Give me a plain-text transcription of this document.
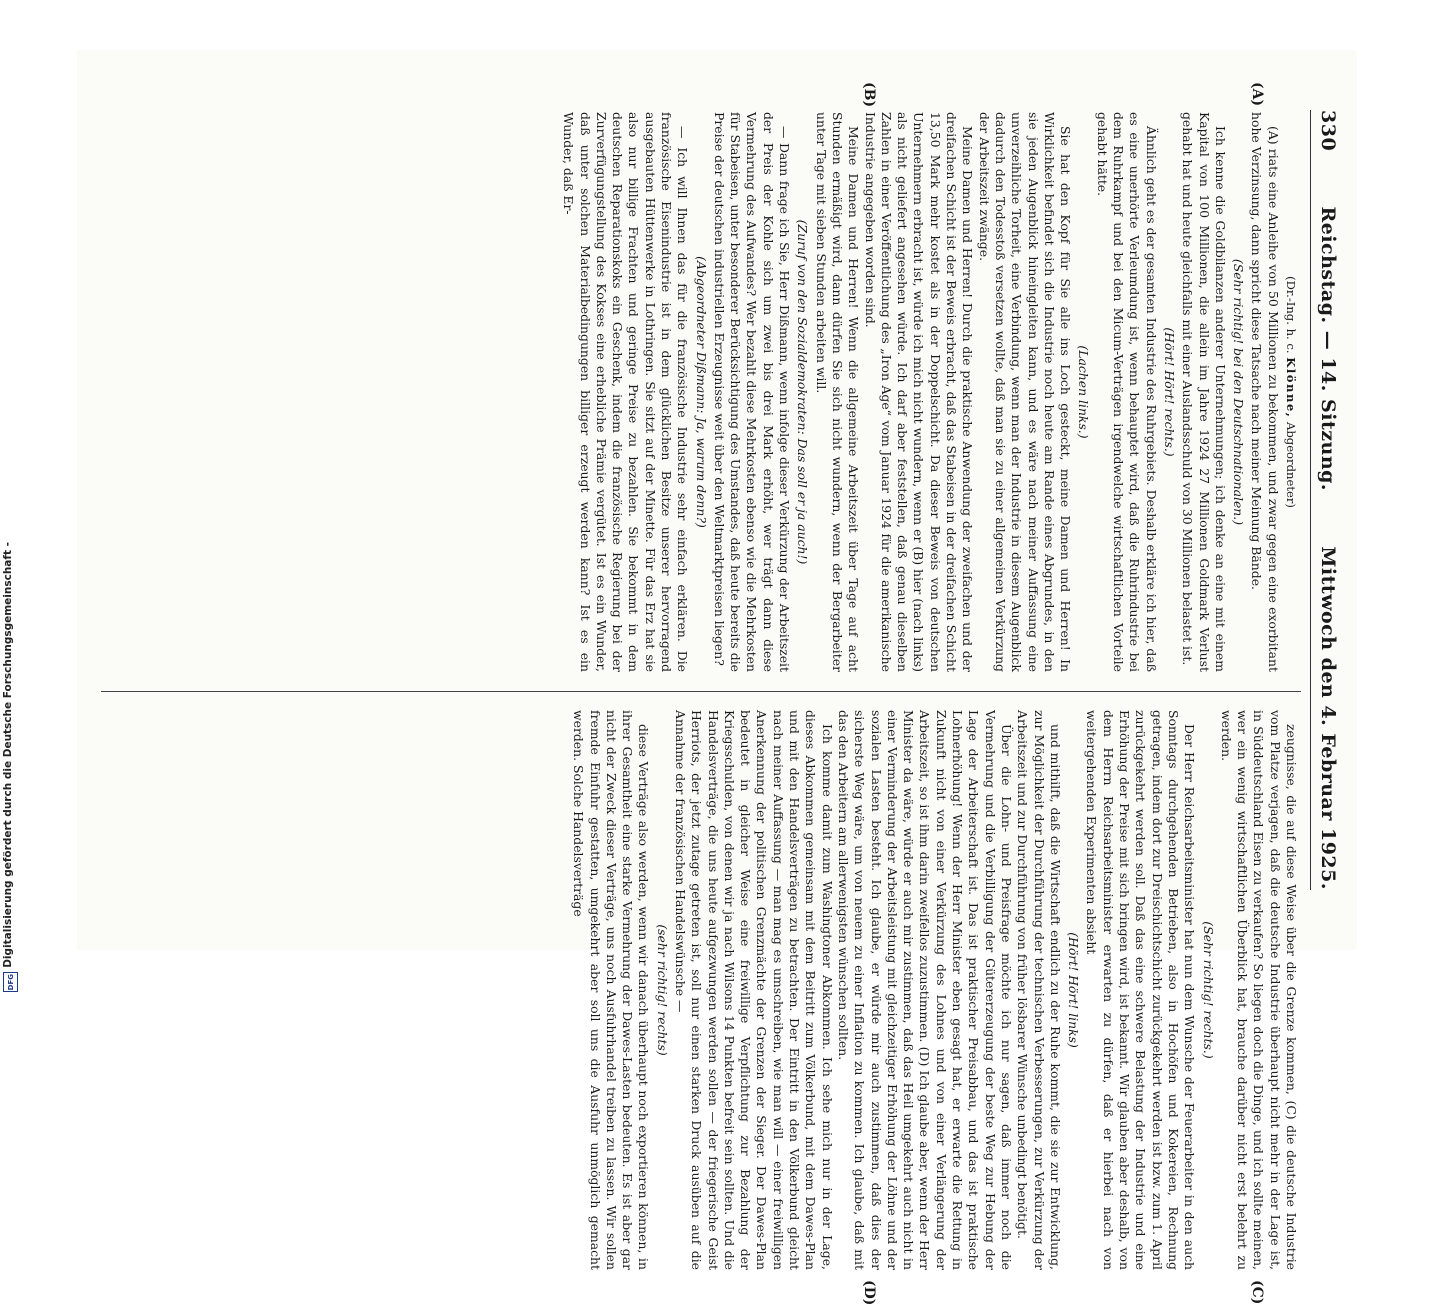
330
Reichstag. — 14. Sitzung.
Mittwoch den 4. Februar 1925.
(A)
(B)
(C)
(D)
(Dr.-Ing. h. c. Klönne, Abgeordneter)

(A) riats eine Anleihe von 50 Millionen zu bekommen, und zwar gegen eine exorbitant hohe Verzinsung, dann spricht diese Tatsache nach meiner Meinung Bände.

(Sehr richtig! bei den Deutschnationalen.)

Ich kenne die Goldbilanzen anderer Unternehmungen; ich denke an eine mit einem Kapital von 100 Millionen, die allein im Jahre 1924 27 Millionen Goldmark Verlust gehabt hat und heute gleichfalls mit einer Auslandsschuld von 30 Millionen belastet ist.

(Hört! Hört! rechts.)

Ähnlich geht es der gesamten Industrie des Ruhrgebiets. Deshalb erkläre ich hier, daß es eine unerhörte Verleumdung ist, wenn behauptet wird, daß die Ruhrindustrie bei dem Ruhrkampf und bei den Micum-Verträgen irgendwelche wirtschaftlichen Vorteile gehabt hätte.

(Lachen links.)

Sie hat den Kopf für Sie alle ins Loch gesteckt, meine Damen und Herren! In Wirklichkeit befindet sich die Industrie noch heute am Rande eines Abgrundes, in den sie jeden Augenblick hineingleiten kann, und es wäre nach meiner Auffassung eine unverzeihliche Torheit, eine Verbindung, wenn man der Industrie in diesem Augenblick dadurch den Todesstoß versetzen wollte, daß man sie zu einer allgemeinen Verkürzung der Arbeitszeit zwänge.

Meine Damen und Herren! Durch die praktische Anwendung der zweifachen und der dreifachen Schicht ist der Beweis erbracht, daß das Stabeisen in der dreifachen Schicht 13,50 Mark mehr kostet als in der Doppelschicht. Da dieser Beweis von deutschen Unternehmern erbracht ist, würde ich mich nicht wundern, wenn er (B) hier (nach links) als nicht geliefert angesehen würde. Ich darf aber feststellen, daß genau dieselben Zahlen in einer Veröffentlichung des „Iron Age“ vom Januar 1924 für die amerikanische Industrie angegeben worden sind.

Meine Damen und Herren! Wenn die allgemeine Arbeitszeit über Tage auf acht Stunden ermäßigt wird, dann dürfen Sie sich nicht wundern, wenn der Bergarbeiter unter Tage mit sieben Stunden arbeiten will.

(Zuruf von den Sozialdemokraten: Das soll er ja auch!)

— Dann frage ich Sie, Herr Dißmann, wenn infolge dieser Verkürzung der Arbeitszeit der Preis der Kohle sich um zwei bis drei Mark erhöht, wer trägt dann diese Vermehrung des Aufwandes? Wer bezahlt diese Mehrkosten ebenso wie die Mehrkosten für Stabeisen, unter besonderer Berücksichtigung des Umstandes, daß heute bereits die Preise der deutschen industriellen Erzeugnisse weit über den Weltmarktpreisen liegen?

(Abgeordneter Dißmann: Ja, warum denn?)

— Ich will Ihnen das für die französische Industrie sehr einfach erklären. Die französische Eisenindustrie ist in dem glücklichen Besitze unserer hervorragend ausgebauten Hüttenwerke in Lothringen. Sie sitzt auf der Minette. Für das Erz hat sie also nur billige Frachten und geringe Preise zu bezahlen. Sie bekommt in dem deutschen Reparationskoks ein Geschenk, indem die französische Regierung bei der Zurverfügungstellung des Kokses eine erhebliche Prämie vergütet. Ist es ein Wunder, daß unter solchen Materialbedingungen billiger erzeugt werden kann? Ist es ein Wunder, daß Er-

zeugnisse, die auf diese Weise über die Grenze kommen, (C) die deutsche Industrie vom Platze verjagen, daß die deutsche Industrie überhaupt nicht mehr in der Lage ist, in Süddeutschland Eisen zu verkaufen? So liegen doch die Dinge, und ich sollte meinen, wer ein wenig wirtschaftlichen Überblick hat, brauche darüber nicht erst belehrt zu werden.

(Sehr richtig! rechts.)

Der Herr Reichsarbeitsminister hat nun dem Wunsche der Feuerarbeiter in den auch Sonntags durchgehenden Betrieben, also in Hochöfen und Kokereien, Rechnung getragen, indem dort zur Dreischichtschicht zurückgekehrt werden ist bzw. zum 1. April zurückgekehrt werden soll. Daß das eine schwere Belastung der Industrie und eine Erhöhung der Preise mit sich bringen wird, ist bekannt. Wir glauben aber deshalb, von dem Herrn Reichsarbeitsminister erwarten zu dürfen, daß er hierbei nach von weitergehenden Experimenten absieht

(Hört! Hört! links)

und mithilft, daß die Wirtschaft endlich zu der Ruhe kommt, die sie zur Entwicklung, zur Möglichkeit der Durchführung der technischen Verbesserungen, zur Verkürzung der Arbeitszeit und zur Durchführung von früher lösbarer Wünsche unbedingt benötigt.

Über die Lohn- und Preisfrage möchte ich nur sagen, daß immer noch die Vermehrung und die Verbilligung der Gütererzeugung der beste Weg zur Hebung der Lage der Arbeiterschaft ist. Das ist praktischer Preisabbau, und das ist praktische Lohnerhöhung! Wenn der Herr Minister eben gesagt hat, er erwarte die Rettung in Zukunft nicht von einer Verkürzung des Lohnes und von einer Verlängerung der Arbeitszeit, so ist ihm darin zweifellos zuzustimmen. (D) Ich glaube aber, wenn der Herr Minister da wäre, würde er auch mir zustimmen, daß das Heil umgekehrt auch nicht in einer Verminderung der Arbeitsleistung mit gleichzeitiger Erhöhung der Löhne und der sozialen Lasten besteht. Ich glaube, er würde mir auch zustimmen, daß dies der sicherste Weg wäre, um von neuem zu einer Inflation zu kommen. Ich glaube, daß mit das den Arbeitern am allerwenigsten wünschen sollten.

Ich komme damit zum Washingtoner Abkommen. Ich sehe mich nur in der Lage, dieses Abkommen gemeinsam mit dem Beitritt zum Völkerbund, mit dem Dawes-Plan und mit den Handelsverträgen zu betrachten. Der Eintritt in den Völkerbund gleicht nach meiner Auffassung — man mag es umschreiben, wie man will — einer freiwilligen Anerkennung der politischen Grenzmächte der Grenzen der Sieger. Der Dawes-Plan bedeutet in gleicher Weise eine freiwillige Verpflichtung zur Bezahlung der Kriegsschulden, von denen wir ja nach Wilsons 14 Punkten befreit sein sollten. Und die Handelsverträge, die uns heute aufgezwungen werden sollen — der friegerische Geist Herriots, der jetzt zutage getreten ist, soll nur einen starken Druck ausüben auf die Annahme der französischen Handelswünsche —

(sehr richtig! rechts)

diese Verträge also werden, wenn wir danach überhaupt noch exportieren können, in ihrer Gesamtheit eine starke Vermehrung der Dawes-Lasten bedeuten. Es ist aber gar nicht der Zweck dieser Verträge, uns noch Ausfuhrhandel treiben zu lassen. Wir sollen fremde Einfuhr gestatten, umgekehrt aber soll uns die Ausfuhr unmöglich gemacht werden. Solche Handelsverträge

Digitalisierung gefördert durch die Deutsche Forschungsgemeinschaft -
DFG
